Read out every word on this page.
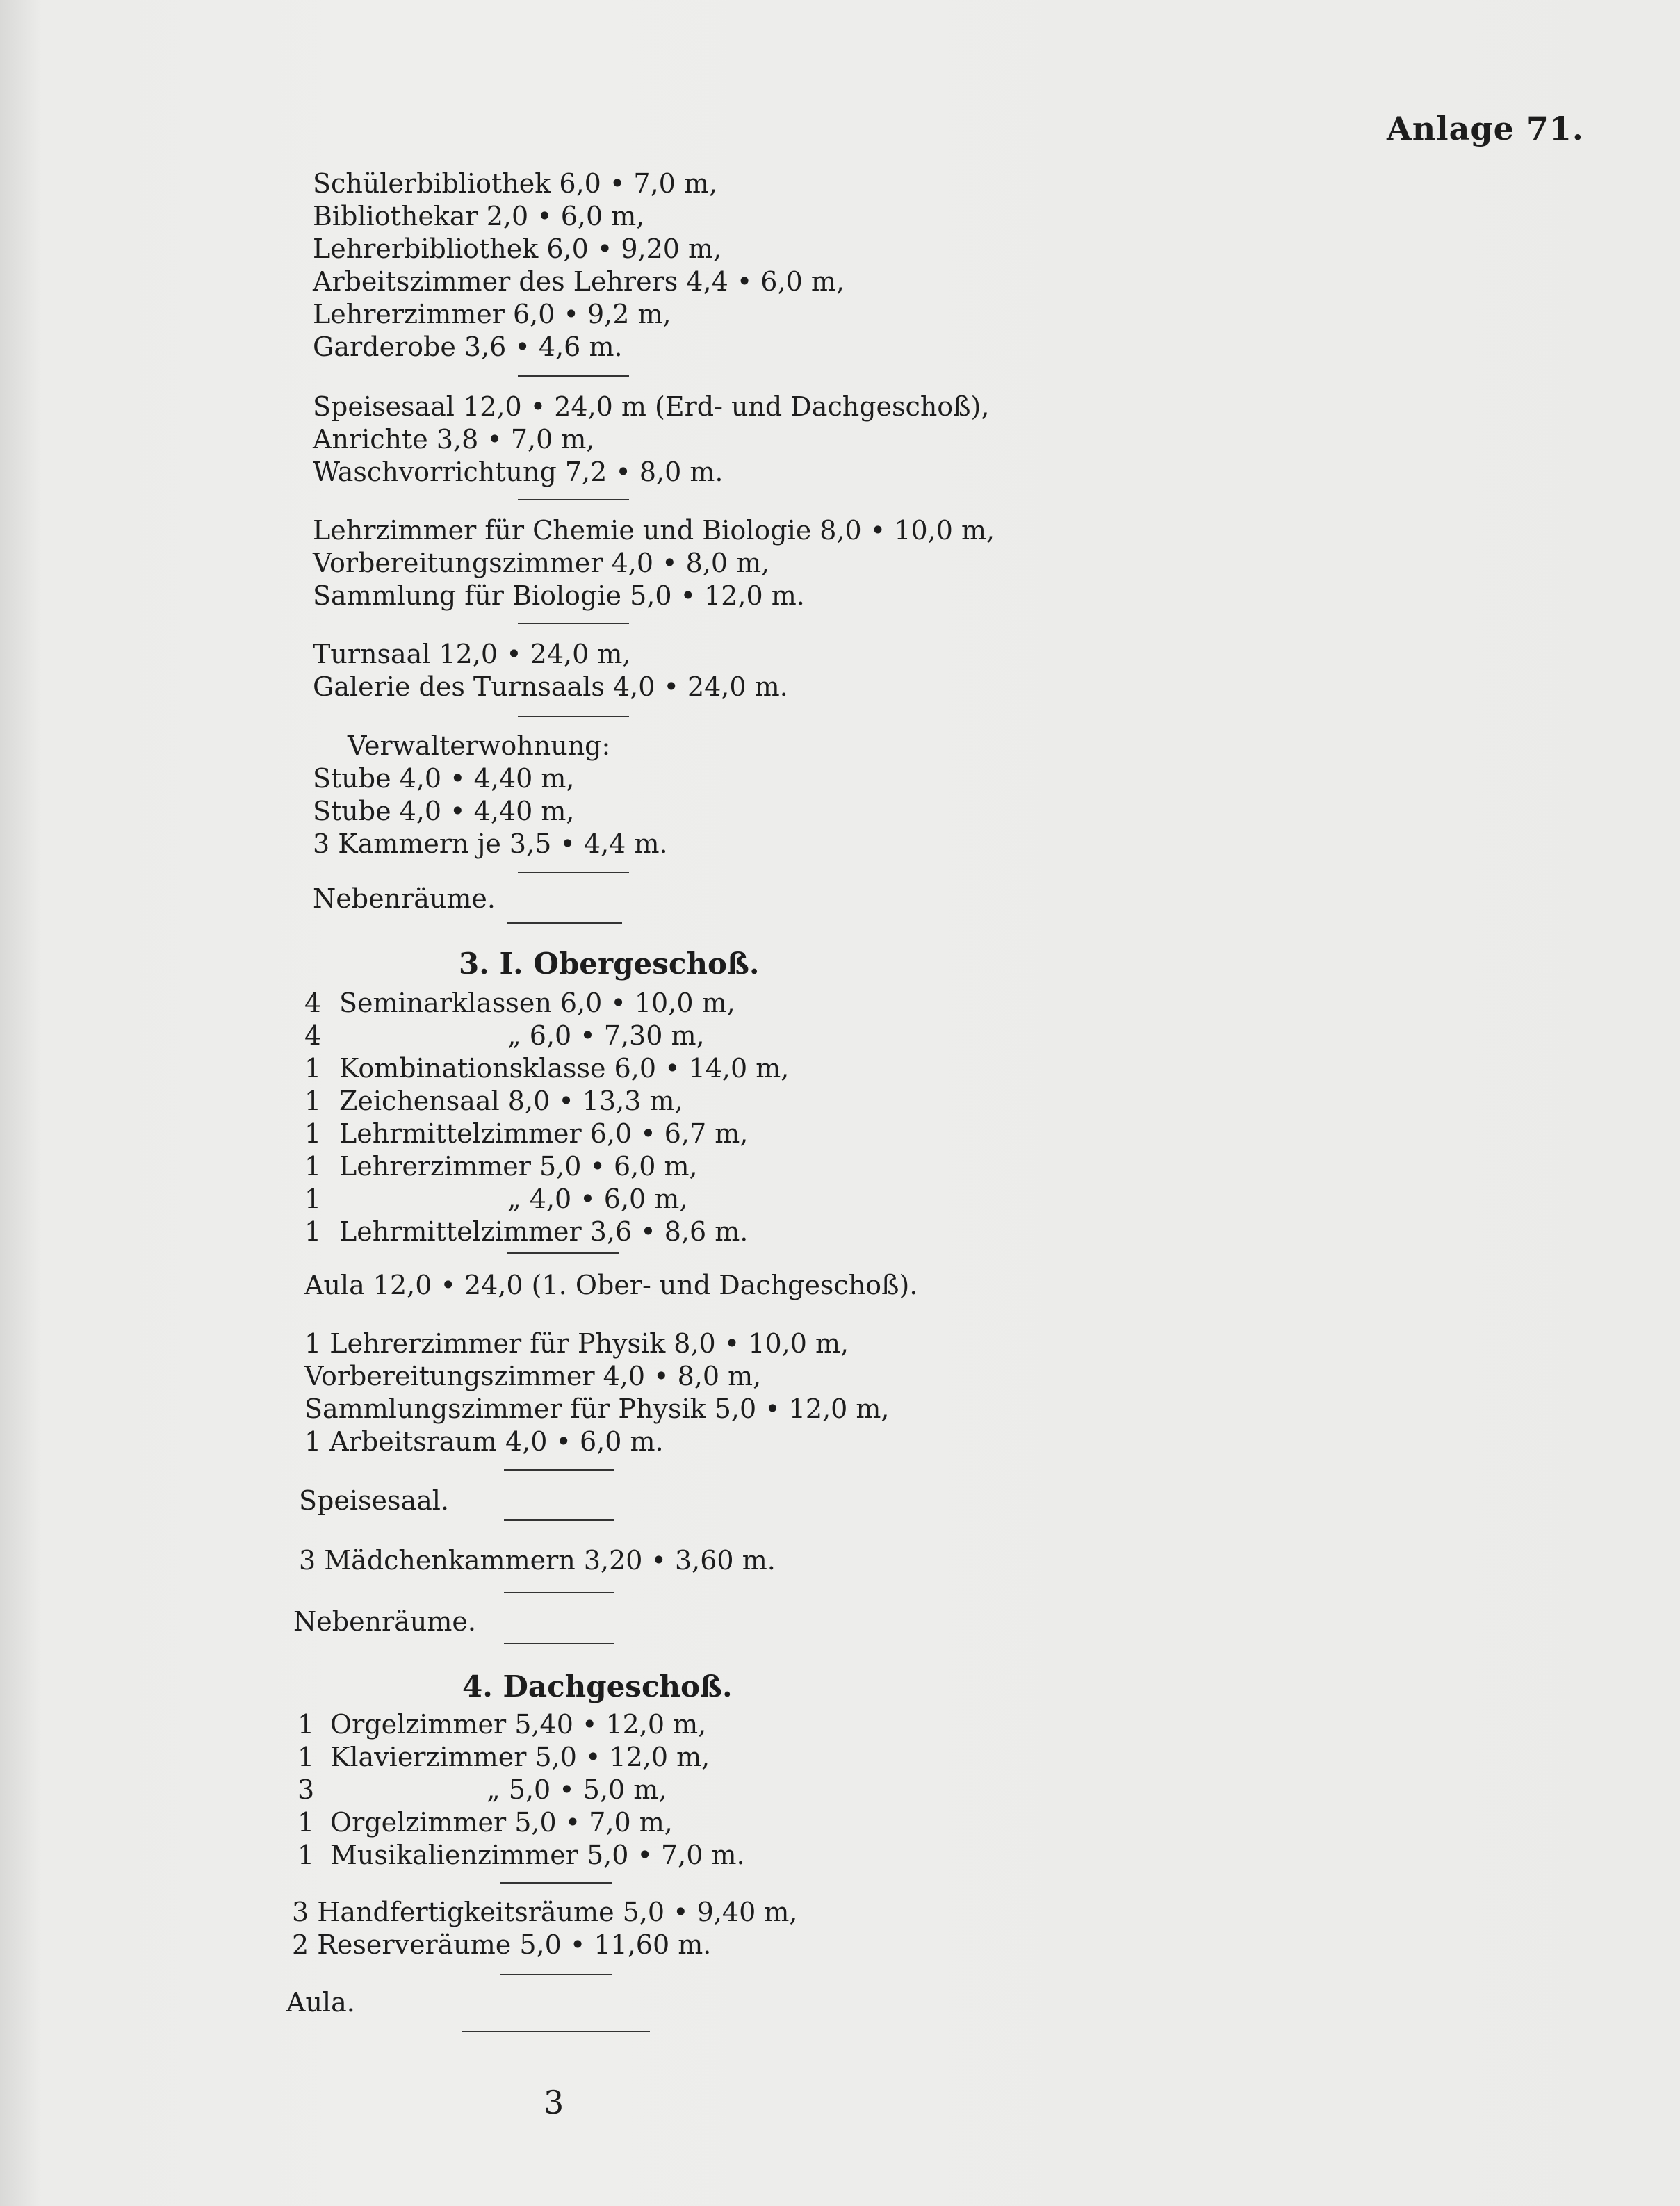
Anlage 71.
Schülerbibliothek 6,0 • 7,0 m,
Bibliothekar 2,0 • 6,0 m,
Lehrerbibliothek 6,0 • 9,20 m,
Arbeitszimmer des Lehrers 4,4 • 6,0 m,
Lehrerzimmer 6,0 • 9,2 m,
Garderobe 3,6 • 4,6 m.
Speisesaal 12,0 • 24,0 m (Erd- und Dachgeschoß),
Anrichte 3,8 • 7,0 m,
Waschvorrichtung 7,2 • 8,0 m.
Lehrzimmer für Chemie und Biologie 8,0 • 10,0 m,
Vorbereitungszimmer 4,0 • 8,0 m,
Sammlung für Biologie 5,0 • 12,0 m.
Turnsaal 12,0 • 24,0 m,
Galerie des Turnsaals 4,0 • 24,0 m.
Verwalterwohnung:
Stube 4,0 • 4,40 m,
Stube 4,0 • 4,40 m,
3 Kammern je 3,5 • 4,4 m.
Nebenräume.
3. I. Obergeschoß.
4 Seminarklassen 6,0 • 10,0 m,
4	„ 6,0 • 7,30 m,
1 Kombinationsklasse 6,0 • 14,0 m,
1 Zeichensaal 8,0 • 13,3 m,
1 Lehrmittelzimmer 6,0 • 6,7 m,
1 Lehrerzimmer 5,0 • 6,0 m,
1	„ 4,0 • 6,0 m,
1 Lehrmittelzimmer 3,6 • 8,6 m.
Aula 12,0 • 24,0 (1. Ober- und Dachgeschoß).
1 Lehrerzimmer für Physik 8,0 • 10,0 m,
Vorbereitungszimmer 4,0 • 8,0 m,
Sammlungszimmer für Physik 5,0 • 12,0 m,
1 Arbeitsraum 4,0 • 6,0 m.
Speisesaal.
3 Mädchenkammern 3,20 • 3,60 m.
Nebenräume.
4. Dachgeschoß.
1 Orgelzimmer 5,40 • 12,0 m,
1 Klavierzimmer 5,0 • 12,0 m,
3	„ 5,0 • 5,0 m,
1 Orgelzimmer 5,0 • 7,0 m,
1 Musikalienzimmer 5,0 • 7,0 m.
3 Handfertigkeitsräume 5,0 • 9,40 m,
2 Reserveräume 5,0 • 11,60 m.
Aula.
3
